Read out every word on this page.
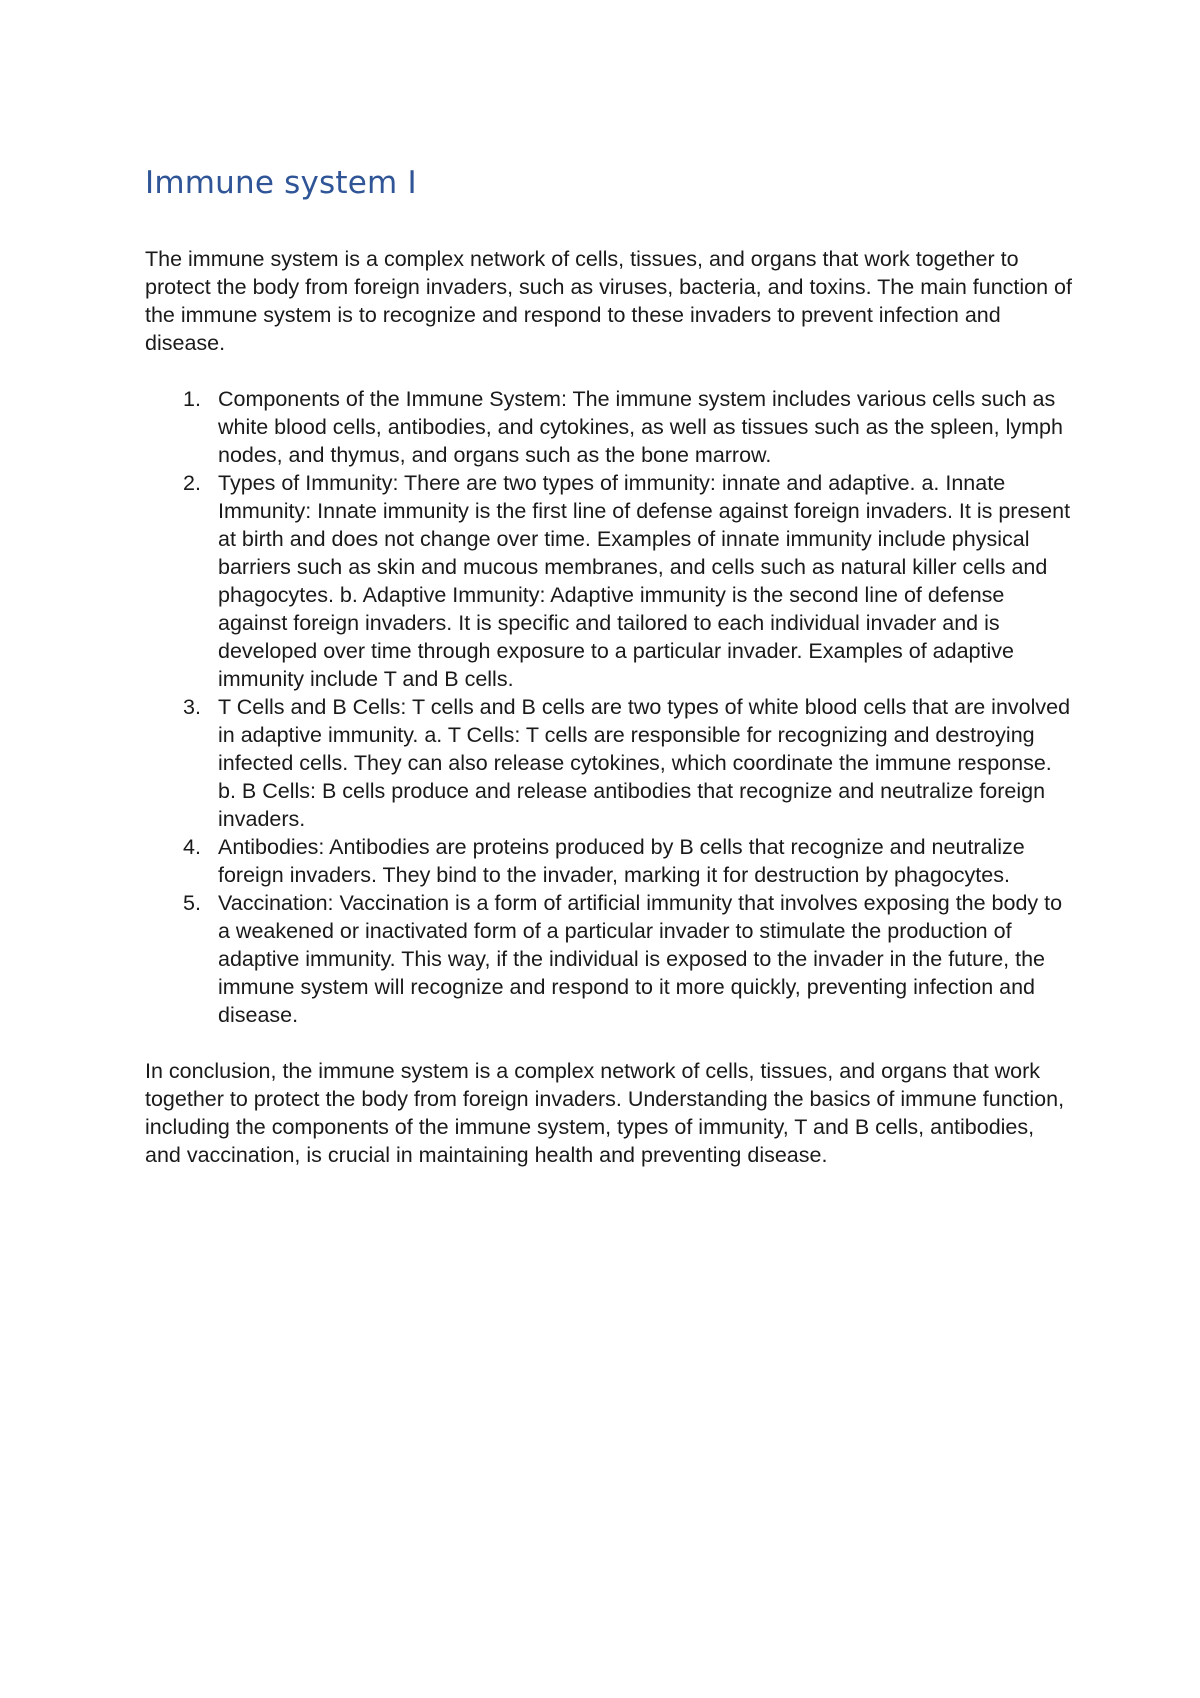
Immune system I

The immune system is a complex network of cells, tissues, and organs that work together to protect the body from foreign invaders, such as viruses, bacteria, and toxins. The main function of the immune system is to recognize and respond to these invaders to prevent infection and disease.

1. Components of the Immune System: The immune system includes various cells such as white blood cells, antibodies, and cytokines, as well as tissues such as the spleen, lymph nodes, and thymus, and organs such as the bone marrow.
2. Types of Immunity: There are two types of immunity: innate and adaptive. a. Innate Immunity: Innate immunity is the first line of defense against foreign invaders. It is present at birth and does not change over time. Examples of innate immunity include physical barriers such as skin and mucous membranes, and cells such as natural killer cells and phagocytes. b. Adaptive Immunity: Adaptive immunity is the second line of defense against foreign invaders. It is specific and tailored to each individual invader and is developed over time through exposure to a particular invader. Examples of adaptive immunity include T and B cells.
3. T Cells and B Cells: T cells and B cells are two types of white blood cells that are involved in adaptive immunity. a. T Cells: T cells are responsible for recognizing and destroying infected cells. They can also release cytokines, which coordinate the immune response. b. B Cells: B cells produce and release antibodies that recognize and neutralize foreign invaders.
4. Antibodies: Antibodies are proteins produced by B cells that recognize and neutralize foreign invaders. They bind to the invader, marking it for destruction by phagocytes.
5. Vaccination: Vaccination is a form of artificial immunity that involves exposing the body to a weakened or inactivated form of a particular invader to stimulate the production of adaptive immunity. This way, if the individual is exposed to the invader in the future, the immune system will recognize and respond to it more quickly, preventing infection and disease.

In conclusion, the immune system is a complex network of cells, tissues, and organs that work together to protect the body from foreign invaders. Understanding the basics of immune function, including the components of the immune system, types of immunity, T and B cells, antibodies, and vaccination, is crucial in maintaining health and preventing disease.
